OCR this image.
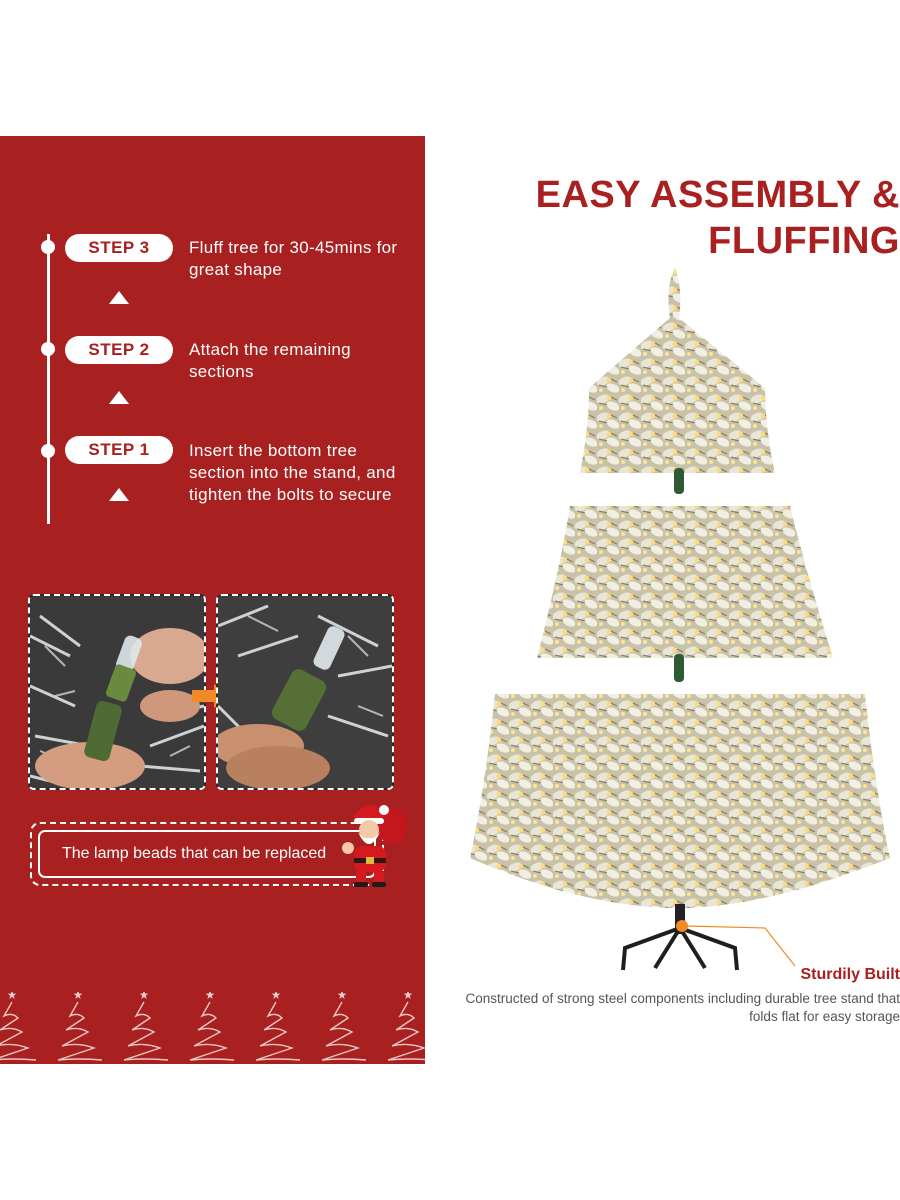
STEP 3	Fluff tree for 30-45mins for great shape
STEP 2	Attach the remaining sections
STEP 1	Insert the bottom tree section into the stand, and tighten the bolts to secure
The lamp beads that can be replaced
EASY ASSEMBLY &
FLUFFING
Sturdily Built
Constructed of strong steel components including durable tree stand that folds flat for easy storage
